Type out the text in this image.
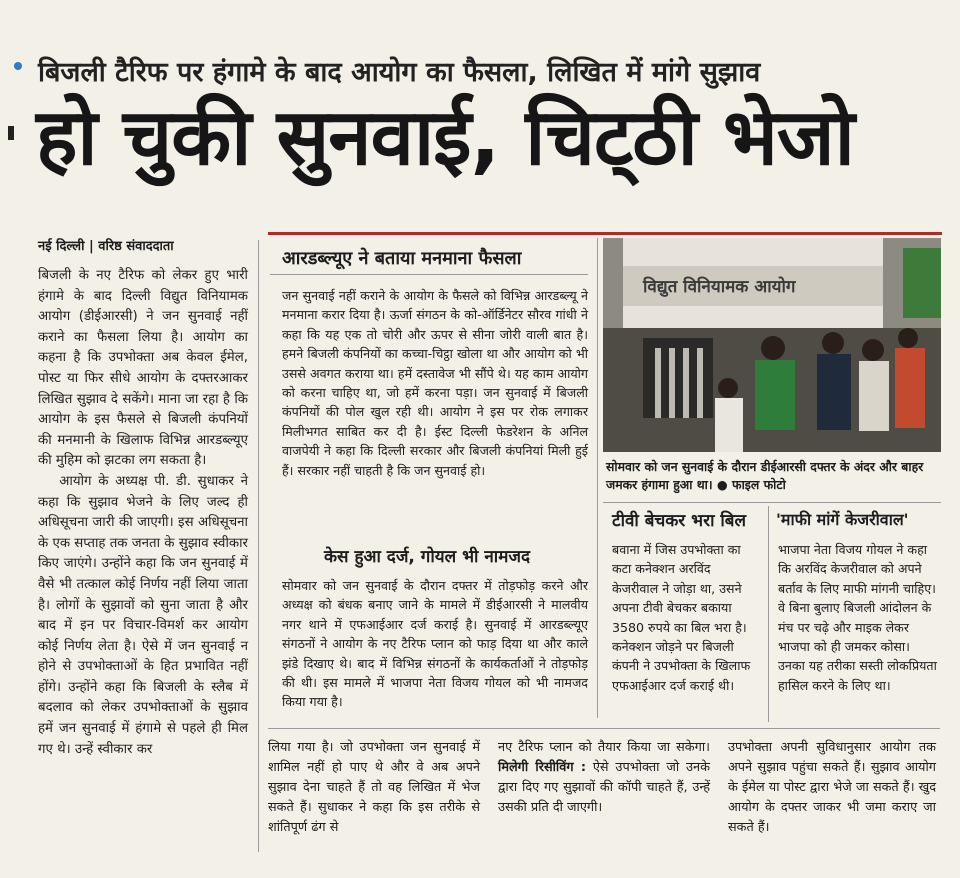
बिजली टैरिफ पर हंगामे के बाद आयोग का फैसला, लिखित में मांगे सुझाव
हो चुकी सुनवाई, चिट्‌ठी भेजो
नई दिल्ली | वरिष्ठ संवाददाता

बिजली के नए टैरिफ को लेकर हुए भारी हंगामे के बाद दिल्ली विद्युत विनियामक आयोग (डीईआरसी) ने जन सुनवाई नहीं कराने का फैसला लिया है। आयोग का कहना है कि उपभोक्ता अब केवल ईमेल, पोस्ट या फिर सीधे आयोग के दफ्तरआकर लिखित सुझाव दे सकेंगे। माना जा रहा है कि आयोग के इस फैसले से बिजली कंपनियों की मनमानी के खिलाफ विभिन्न आरडब्ल्यूए की मुहिम को झटका लग सकता है।

आयोग के अध्यक्ष पी. डी. सुधाकर ने कहा कि सुझाव भेजने के लिए जल्द ही अधिसूचना जारी की जाएगी। इस अधिसूचना के एक सप्ताह तक जनता के सुझाव स्वीकार किए जाएंगे। उन्होंने कहा कि जन सुनवाई में वैसे भी तत्काल कोई निर्णय नहीं लिया जाता है। लोगों के सुझावों को सुना जाता है और बाद में इन पर विचार-विमर्श कर आयोग कोई निर्णय लेता है। ऐसे में जन सुनवाई न होने से उपभोक्ताओं के हित प्रभावित नहीं होंगे। उन्होंने कहा कि बिजली के स्लैब में बदलाव को लेकर उपभोक्ताओं के सुझाव हमें जन सुनवाई में हंगामे से पहले ही मिल गए थे। उन्हें स्वीकार कर

आरडब्ल्यूए ने बताया मनमाना फैसला
जन सुनवाई नहीं कराने के आयोग के फैसले को विभिन्न आरडब्ल्यू ने मनमाना करार दिया है। ऊर्जा संगठन के को-ऑर्डिनेटर सौरव गांधी ने कहा कि यह एक तो चोरी और ऊपर से सीना जोरी वाली बात है। हमने बिजली कंपनियों का कच्चा-चिट्ठा खोला था और आयोग को भी उससे अवगत कराया था। हमें दस्तावेज भी सौंपे थे। यह काम आयोग को करना चाहिए था, जो हमें करना पड़ा। जन सुनवाई में बिजली कंपनियों की पोल खुल रही थी। आयोग ने इस पर रोक लगाकर मिलीभगत साबित कर दी है। ईस्ट दिल्ली फेडरेशन के अनिल वाजपेयी ने कहा कि दिल्ली सरकार और बिजली कंपनियां मिली हुई हैं। सरकार नहीं चाहती है कि जन सुनवाई हो।
केस हुआ दर्ज, गोयल भी नामजद
सोमवार को जन सुनवाई के दौरान दफ्तर में तोड़फोड़ करने और अध्यक्ष को बंधक बनाए जाने के मामले में डीईआरसी ने मालवीय नगर थाने में एफआईआर दर्ज कराई है। सुनवाई में आरडब्ल्यूए संगठनों ने आयोग के नए टैरिफ प्लान को फाड़ दिया था और काले झंडे दिखाए थे। बाद में विभिन्न संगठनों के कार्यकर्ताओं ने तोड़फोड़ की थी। इस मामले में भाजपा नेता विजय गोयल को भी नामजद किया गया है।
विद्युत विनियामक आयोग
सोमवार को जन सुनवाई के दौरान डीईआरसी दफ्तर के अंदर और बाहर जमकर हंगामा हुआ था। ● फाइल फोटो
टीवी बेचकर भरा बिल
बवाना में जिस उपभोक्ता का कटा कनेक्शन अरविंद केजरीवाल ने जोड़ा था, उसने अपना टीवी बेचकर बकाया 3580 रुपये का बिल भरा है। कनेक्शन जोड़ने पर बिजली कंपनी ने उपभोक्ता के खिलाफ एफआईआर दर्ज कराई थी।
'माफी मांगें केजरीवाल'
भाजपा नेता विजय गोयल ने कहा कि अरविंद केजरीवाल को अपने बर्ताव के लिए माफी मांगनी चाहिए। वे बिना बुलाए बिजली आंदोलन के मंच पर चढ़े और माइक लेकर भाजपा को ही जमकर कोसा। उनका यह तरीका सस्ती लोकप्रियता हासिल करने के लिए था।
लिया गया है। जो उपभोक्ता जन सुनवाई में शामिल नहीं हो पाए थे और वे अब अपने सुझाव देना चाहते हैं तो वह लिखित में भेज सकते हैं। सुधाकर ने कहा कि इस तरीके से शांतिपूर्ण ढंग से
नए टैरिफ प्लान को तैयार किया जा सकेगा। मिलेगी रिसीविंग : ऐसे उपभोक्ता जो उनके द्वारा दिए गए सुझावों की कॉपी चाहते हैं, उन्हें उसकी प्रति दी जाएगी।
उपभोक्ता अपनी सुविधानुसार आयोग तक अपने सुझाव पहुंचा सकते हैं। सुझाव आयोग के ईमेल या पोस्ट द्वारा भेजे जा सकते हैं। खुद आयोग के दफ्तर जाकर भी जमा कराए जा सकते हैं।
